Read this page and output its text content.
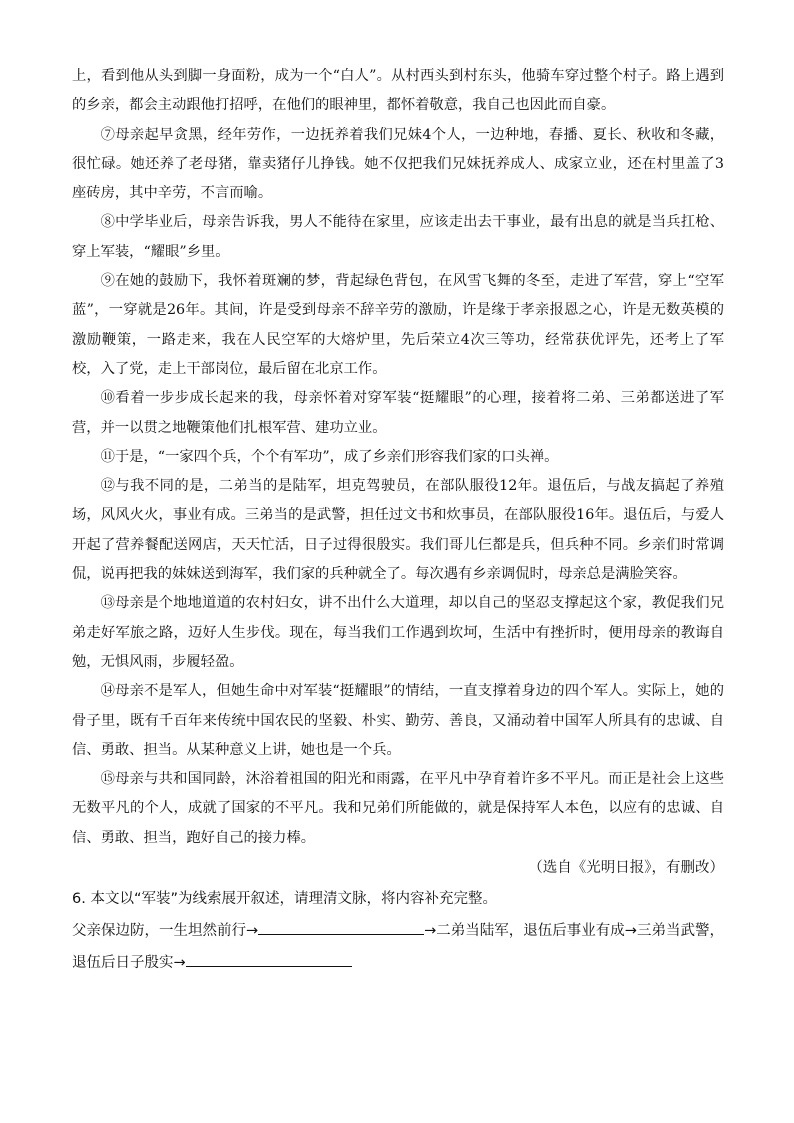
上，看到他从头到脚一身面粉，成为一个“白人”。从村西头到村东头，他骑车穿过整个村子。路上遇到的乡亲，都会主动跟他打招呼，在他们的眼神里，都怀着敬意，我自己也因此而自豪。

⑦母亲起早贪黑，经年劳作，一边抚养着我们兄妹4个人，一边种地，春播、夏长、秋收和冬藏，很忙碌。她还养了老母猪，靠卖猪仔儿挣钱。她不仅把我们兄妹抚养成人、成家立业，还在村里盖了3座砖房，其中辛劳，不言而喻。

⑧中学毕业后，母亲告诉我，男人不能待在家里，应该走出去干事业，最有出息的就是当兵扛枪、穿上军装，“耀眼”乡里。

⑨在她的鼓励下，我怀着斑斓的梦，背起绿色背包，在风雪飞舞的冬至，走进了军营，穿上“空军蓝”，一穿就是26年。其间，许是受到母亲不辞辛劳的激励，许是缘于孝亲报恩之心，许是无数英模的激励鞭策，一路走来，我在人民空军的大熔炉里，先后荣立4次三等功，经常获优评先，还考上了军校，入了党，走上干部岗位，最后留在北京工作。

⑩看着一步步成长起来的我，母亲怀着对穿军装“挺耀眼”的心理，接着将二弟、三弟都送进了军营，并一以贯之地鞭策他们扎根军营、建功立业。

⑪于是，“一家四个兵，个个有军功”，成了乡亲们形容我们家的口头禅。

⑫与我不同的是，二弟当的是陆军，坦克驾驶员，在部队服役12年。退伍后，与战友搞起了养殖场，风风火火，事业有成。三弟当的是武警，担任过文书和炊事员，在部队服役16年。退伍后，与爱人开起了营养餐配送网店，天天忙活，日子过得很殷实。我们哥儿仨都是兵，但兵种不同。乡亲们时常调侃，说再把我的妹妹送到海军，我们家的兵种就全了。每次遇有乡亲调侃时，母亲总是满脸笑容。

⑬母亲是个地地道道的农村妇女，讲不出什么大道理，却以自己的坚忍支撑起这个家，教促我们兄弟走好军旅之路，迈好人生步伐。现在，每当我们工作遇到坎坷，生活中有挫折时，便用母亲的教诲自勉，无惧风雨，步履轻盈。

⑭母亲不是军人，但她生命中对军装“挺耀眼”的情结，一直支撑着身边的四个军人。实际上，她的骨子里，既有千百年来传统中国农民的坚毅、朴实、勤劳、善良，又涌动着中国军人所具有的忠诚、自信、勇敢、担当。从某种意义上讲，她也是一个兵。

⑮母亲与共和国同龄，沐浴着祖国的阳光和雨露，在平凡中孕育着许多不平凡。而正是社会上这些无数平凡的个人，成就了国家的不平凡。我和兄弟们所能做的，就是保持军人本色，以应有的忠诚、自信、勇敢、担当，跑好自己的接力棒。

（选自《光明日报》，有删改）

6. 本文以“军装”为线索展开叙述，请理清文脉，将内容补充完整。

父亲保边防，一生坦然前行→	→二弟当陆军，退伍后事业有成→三弟当武警，

退伍后日子殷实→
